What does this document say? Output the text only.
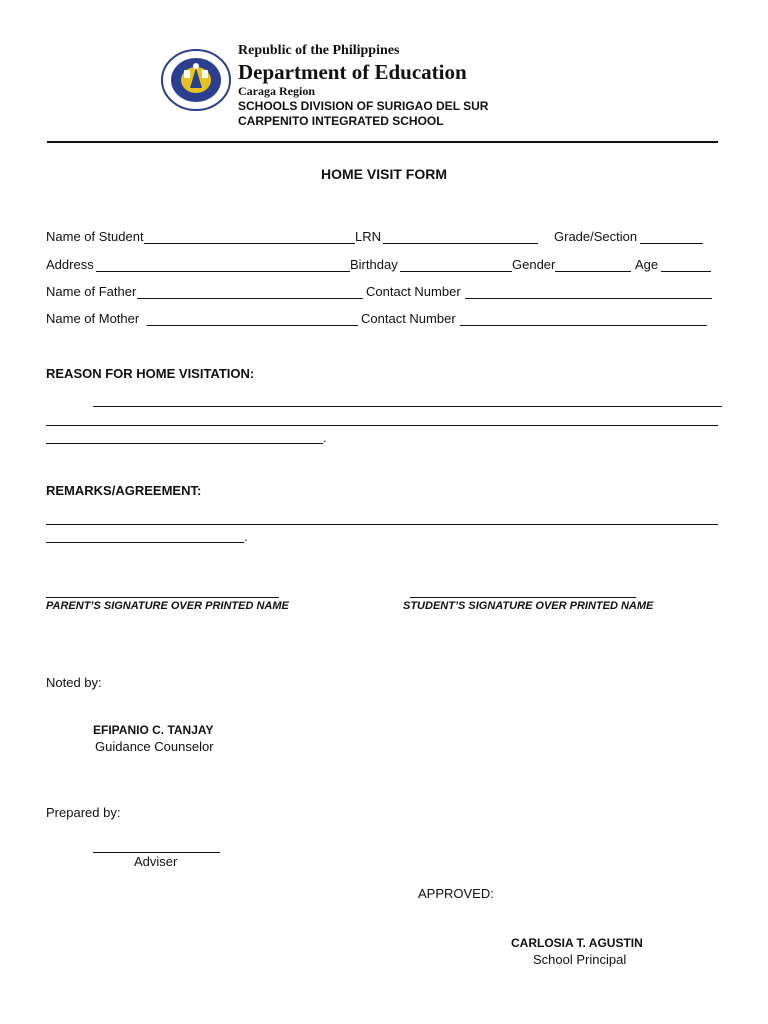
Republic of the Philippines
Department of Education
Caraga Region
SCHOOLS DIVISION OF SURIGAO DEL SUR
CARPENITO INTEGRATED SCHOOL
HOME VISIT FORM
Name of Student	LRN	Grade/Section
Address	Birthday	Gender	Age
Name of Father	Contact Number
Name of Mother	Contact Number
REASON FOR HOME VISITATION:
.
REMARKS/AGREEMENT:
.
PARENT’S SIGNATURE OVER PRINTED NAME	STUDENT’S SIGNATURE OVER PRINTED NAME
Noted by:
EFIPANIO C. TANJAY
Guidance Counselor
Prepared by:
Adviser
APPROVED:
CARLOSIA T. AGUSTIN
School Principal
